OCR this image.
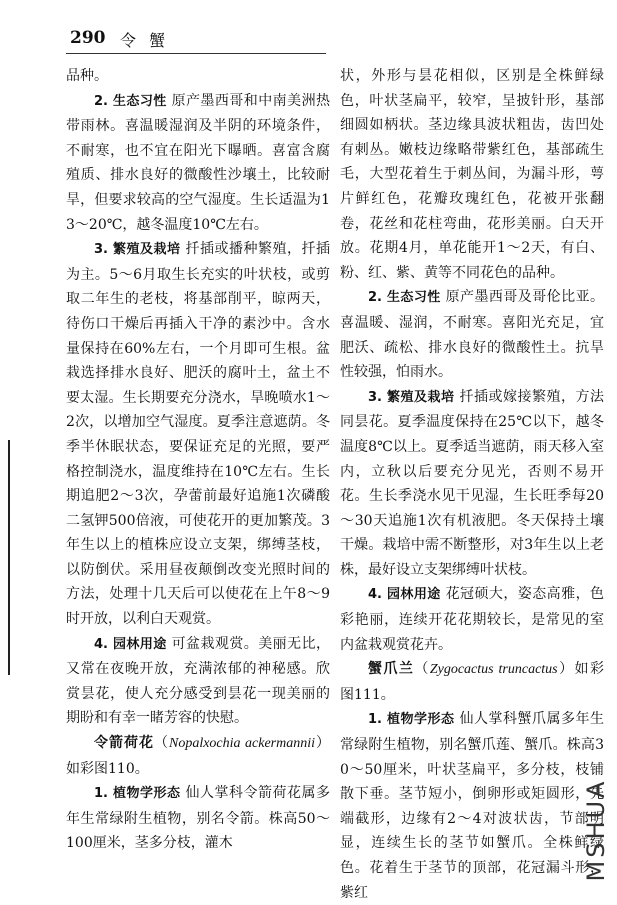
290 令 蟹

品种。

2. 生态习性 原产墨西哥和中南美洲热带雨林。喜温暖湿润及半阴的环境条件，不耐寒，也不宜在阳光下曝晒。喜富含腐殖质、排水良好的微酸性沙壤土，比较耐旱，但要求较高的空气湿度。生长适温为13～20℃，越冬温度10℃左右。

3. 繁殖及栽培 扦插或播种繁殖，扦插为主。5～6月取生长充实的叶状枝，或剪取二年生的老枝，将基部削平，晾两天，待伤口干燥后再插入干净的素沙中。含水量保持在60%左右，一个月即可生根。盆栽选择排水良好、肥沃的腐叶土，盆土不要太湿。生长期要充分浇水，旱晚喷水1～2次，以增加空气湿度。夏季注意遮荫。冬季半休眠状态，要保证充足的光照，要严格控制浇水，温度维持在10℃左右。生长期追肥2～3次，孕蕾前最好追施1次磷酸二氢钾500倍液，可使花开的更加繁茂。3年生以上的植株应设立支架，绑缚茎枝，以防倒伏。采用昼夜颠倒改变光照时间的方法，处理十几天后可以使花在上午8～9时开放，以利白天观赏。

4. 园林用途 可盆栽观赏。美丽无比，又常在夜晚开放，充满浓郁的神秘感。欣赏昙花，使人充分感受到昙花一现美丽的期盼和有幸一睹芳容的快慰。

令箭荷花（Nopalxochia ackermannii）如彩图110。

1. 植物学形态 仙人掌科令箭荷花属多年生常绿附生植物，别名令箭。株高50～100厘米，茎多分枝，灌木

状，外形与昙花相似，区别是全株鲜绿色，叶状茎扁平，较窄，呈披针形，基部细圆如柄状。茎边缘具波状粗齿，齿凹处有刺丛。嫩枝边缘略带紫红色，基部疏生毛，大型花着生于刺丛间，为漏斗形，萼片鲜红色，花瓣玫瑰红色，花被开张翻卷，花丝和花柱弯曲，花形美丽。白天开放。花期4月，单花能开1～2天，有白、粉、红、紫、黄等不同花色的品种。

2. 生态习性 原产墨西哥及哥伦比亚。喜温暖、湿润，不耐寒。喜阳光充足，宜肥沃、疏松、排水良好的微酸性土。抗旱性较强，怕雨水。

3. 繁殖及栽培 扦插或嫁接繁殖，方法同昙花。夏季温度保持在25℃以下，越冬温度8℃以上。夏季适当遮荫，雨天移入室内，立秋以后要充分见光，否则不易开花。生长季浇水见干见湿，生长旺季每20～30天追施1次有机液肥。冬天保持土壤干燥。栽培中需不断整形，对3年生以上老株，最好设立支架绑缚叶状枝。

4. 园林用途 花冠硕大，姿态高雅，色彩艳丽，连续开花花期较长，是常见的室内盆栽观赏花卉。

蟹爪兰（Zygocactus truncactus）如彩图111。

1. 植物学形态 仙人掌科蟹爪属多年生常绿附生植物，别名蟹爪莲、蟹爪。株高30～50厘米，叶状茎扁平，多分枝，枝铺散下垂。茎节短小，倒卵形或矩圆形，先端截形，边缘有2～4对波状齿，节部明显，连续生长的茎节如蟹爪。全株鲜绿色。花着生于茎节的顶部，花冠漏斗形，紫红

MSHUA
